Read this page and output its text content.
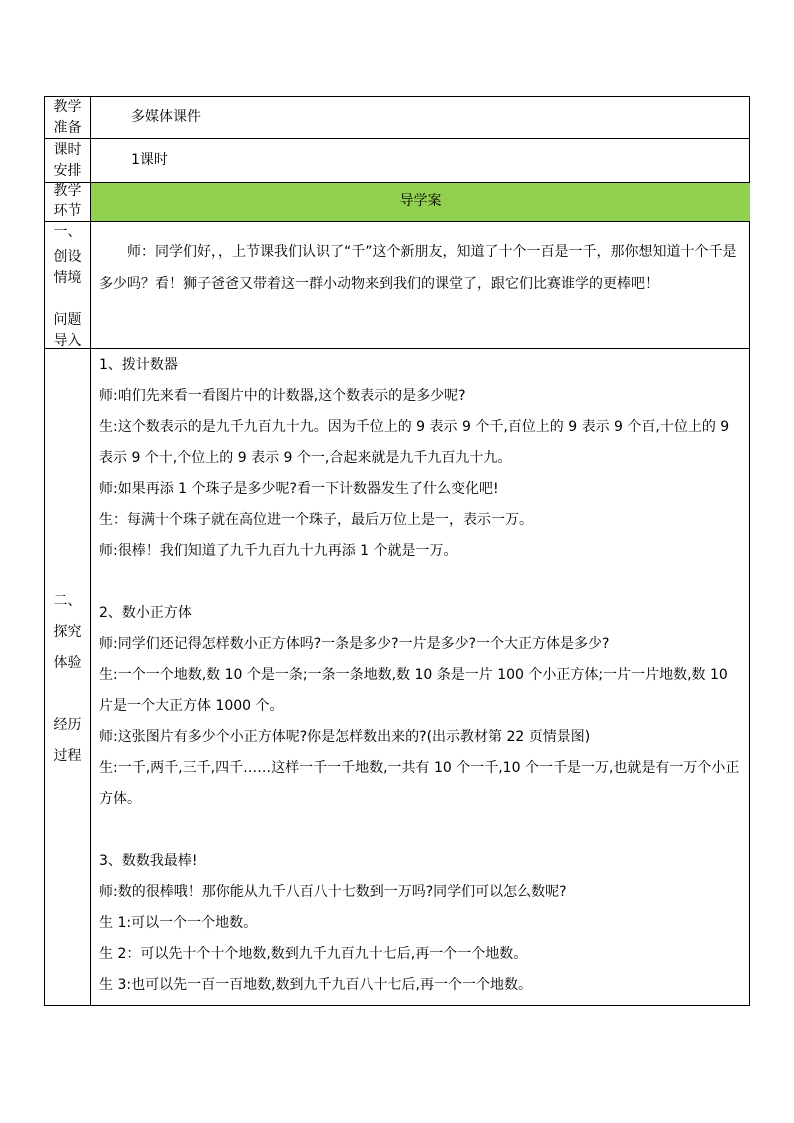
导学案
教学
准备
多媒体课件
课时
安排
1课时
教学
环节
一、
创设
情境
问题
导入
师：同学们好，，上节课我们认识了“千”这个新朋友，知道了十个一百是一千，那你想知道十个千是多少吗？看！狮子爸爸又带着这一群小动物来到我们的课堂了，跟它们比赛谁学的更棒吧！
二、
探究
体验
经历
过程
1、拨计数器
师:咱们先来看一看图片中的计数器,这个数表示的是多少呢?
生:这个数表示的是九千九百九十九。因为千位上的 9 表示 9 个千,百位上的 9 表示 9 个百,十位上的 9 表示 9 个十,个位上的 9 表示 9 个一,合起来就是九千九百九十九。
师:如果再添 1 个珠子是多少呢?看一下计数器发生了什么变化吧!
生：每满十个珠子就在高位进一个珠子，最后万位上是一，表示一万。
师:很棒！我们知道了九千九百九十九再添 1 个就是一万。
2、数小正方体
师:同学们还记得怎样数小正方体吗?一条是多少?一片是多少?一个大正方体是多少?
生:一个一个地数,数 10 个是一条;一条一条地数,数 10 条是一片 100 个小正方体;一片一片地数,数 10 片是一个大正方体 1000 个。
师:这张图片有多少个小正方体呢?你是怎样数出来的?(出示教材第 22 页情景图)
生:一千,两千,三千,四千……这样一千一千地数,一共有 10 个一千,10 个一千是一万,也就是有一万个小正方体。
3、数数我最棒!
师:数的很棒哦！那你能从九千八百八十七数到一万吗?同学们可以怎么数呢?
生 1:可以一个一个地数。
生 2：可以先十个十个地数,数到九千九百九十七后,再一个一个地数。
生 3:也可以先一百一百地数,数到九千九百八十七后,再一个一个地数。
